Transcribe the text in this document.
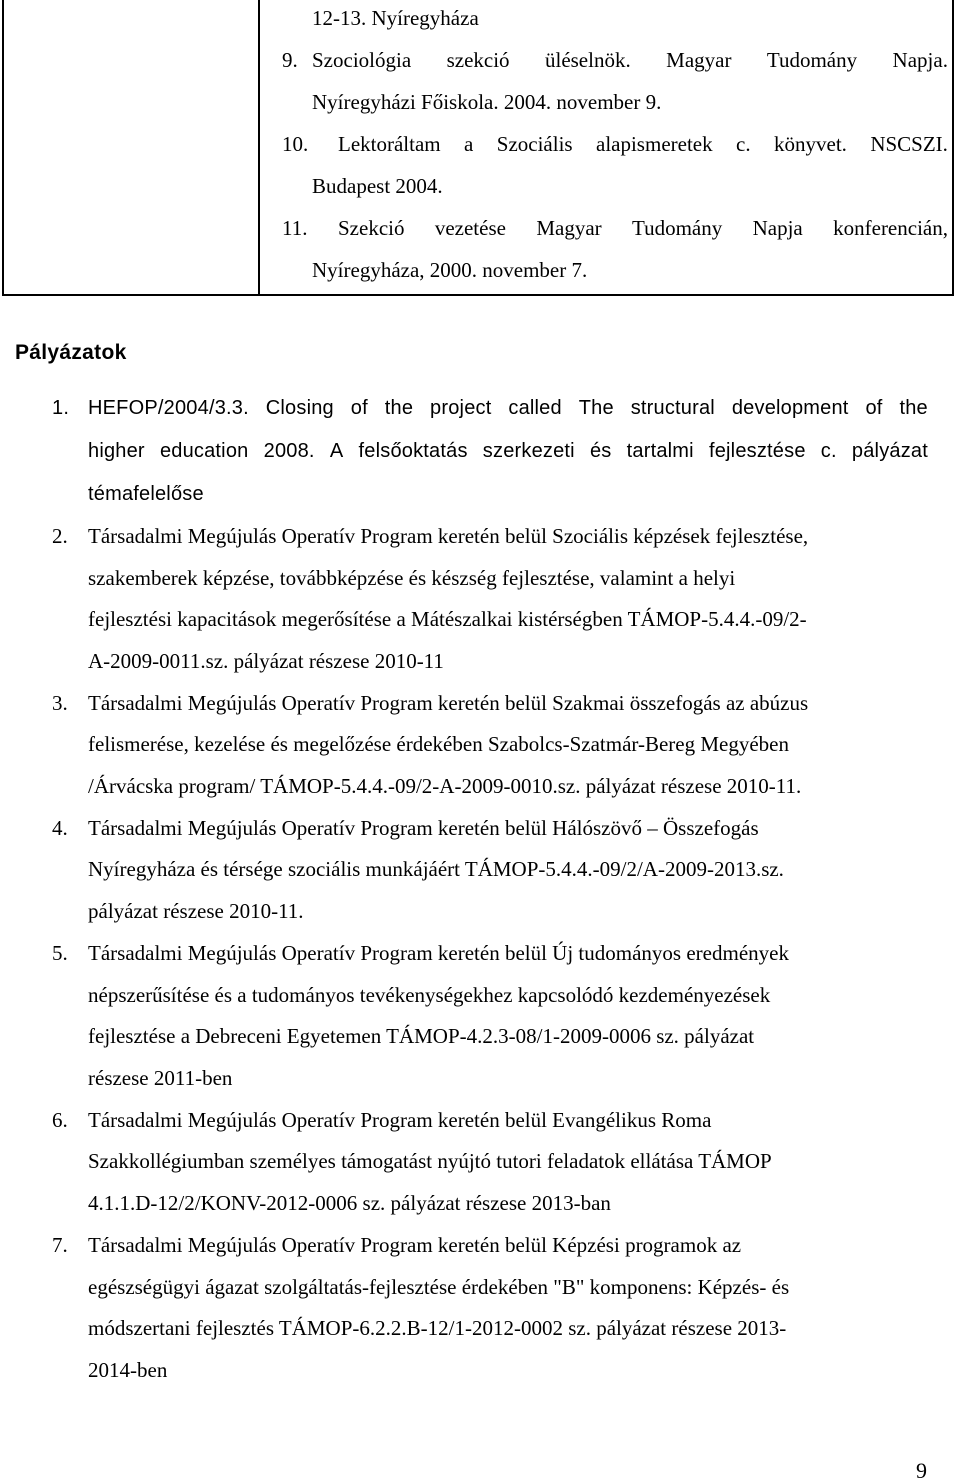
12-13. Nyíregyháza
9. Szociológia szekció üléselnök. Magyar Tudomány Napja.
Nyíregyházi Főiskola. 2004. november 9.
10. Lektoráltam a Szociális alapismeretek c. könyvet. NSCSZI.
Budapest 2004.
11. Szekció vezetése Magyar Tudomány Napja konferencián,
Nyíregyháza, 2000. november 7.
Pályázatok
1. HEFOP/2004/3.3. Closing of the project called The structural development of the
higher education 2008. A felsőoktatás szerkezeti és tartalmi fejlesztése c. pályázat
témafelelőse
2. Társadalmi Megújulás Operatív Program keretén belül Szociális képzések fejlesztése,
szakemberek képzése, továbbképzése és készség fejlesztése, valamint a helyi
fejlesztési kapacitások megerősítése a Mátészalkai kistérségben TÁMOP-5.4.4.-09/2-
A-2009-0011.sz. pályázat részese 2010-11
3. Társadalmi Megújulás Operatív Program keretén belül Szakmai összefogás az abúzus
felismerése, kezelése és megelőzése érdekében Szabolcs-Szatmár-Bereg Megyében
/Árvácska program/ TÁMOP-5.4.4.-09/2-A-2009-0010.sz. pályázat részese 2010-11.
4. Társadalmi Megújulás Operatív Program keretén belül Hálószövő – Összefogás
Nyíregyháza és térsége szociális munkájáért TÁMOP-5.4.4.-09/2/A-2009-2013.sz.
pályázat részese 2010-11.
5. Társadalmi Megújulás Operatív Program keretén belül Új tudományos eredmények
népszerűsítése és a tudományos tevékenységekhez kapcsolódó kezdeményezések
fejlesztése a Debreceni Egyetemen TÁMOP-4.2.3-08/1-2009-0006 sz. pályázat
részese 2011-ben
6. Társadalmi Megújulás Operatív Program keretén belül Evangélikus Roma
Szakkollégiumban személyes támogatást nyújtó tutori feladatok ellátása TÁMOP
4.1.1.D-12/2/KONV-2012-0006 sz. pályázat részese 2013-ban
7. Társadalmi Megújulás Operatív Program keretén belül Képzési programok az
egészségügyi ágazat szolgáltatás-fejlesztése érdekében "B" komponens: Képzés- és
módszertani fejlesztés TÁMOP-6.2.2.B-12/1-2012-0002 sz. pályázat részese 2013-
2014-ben
9
